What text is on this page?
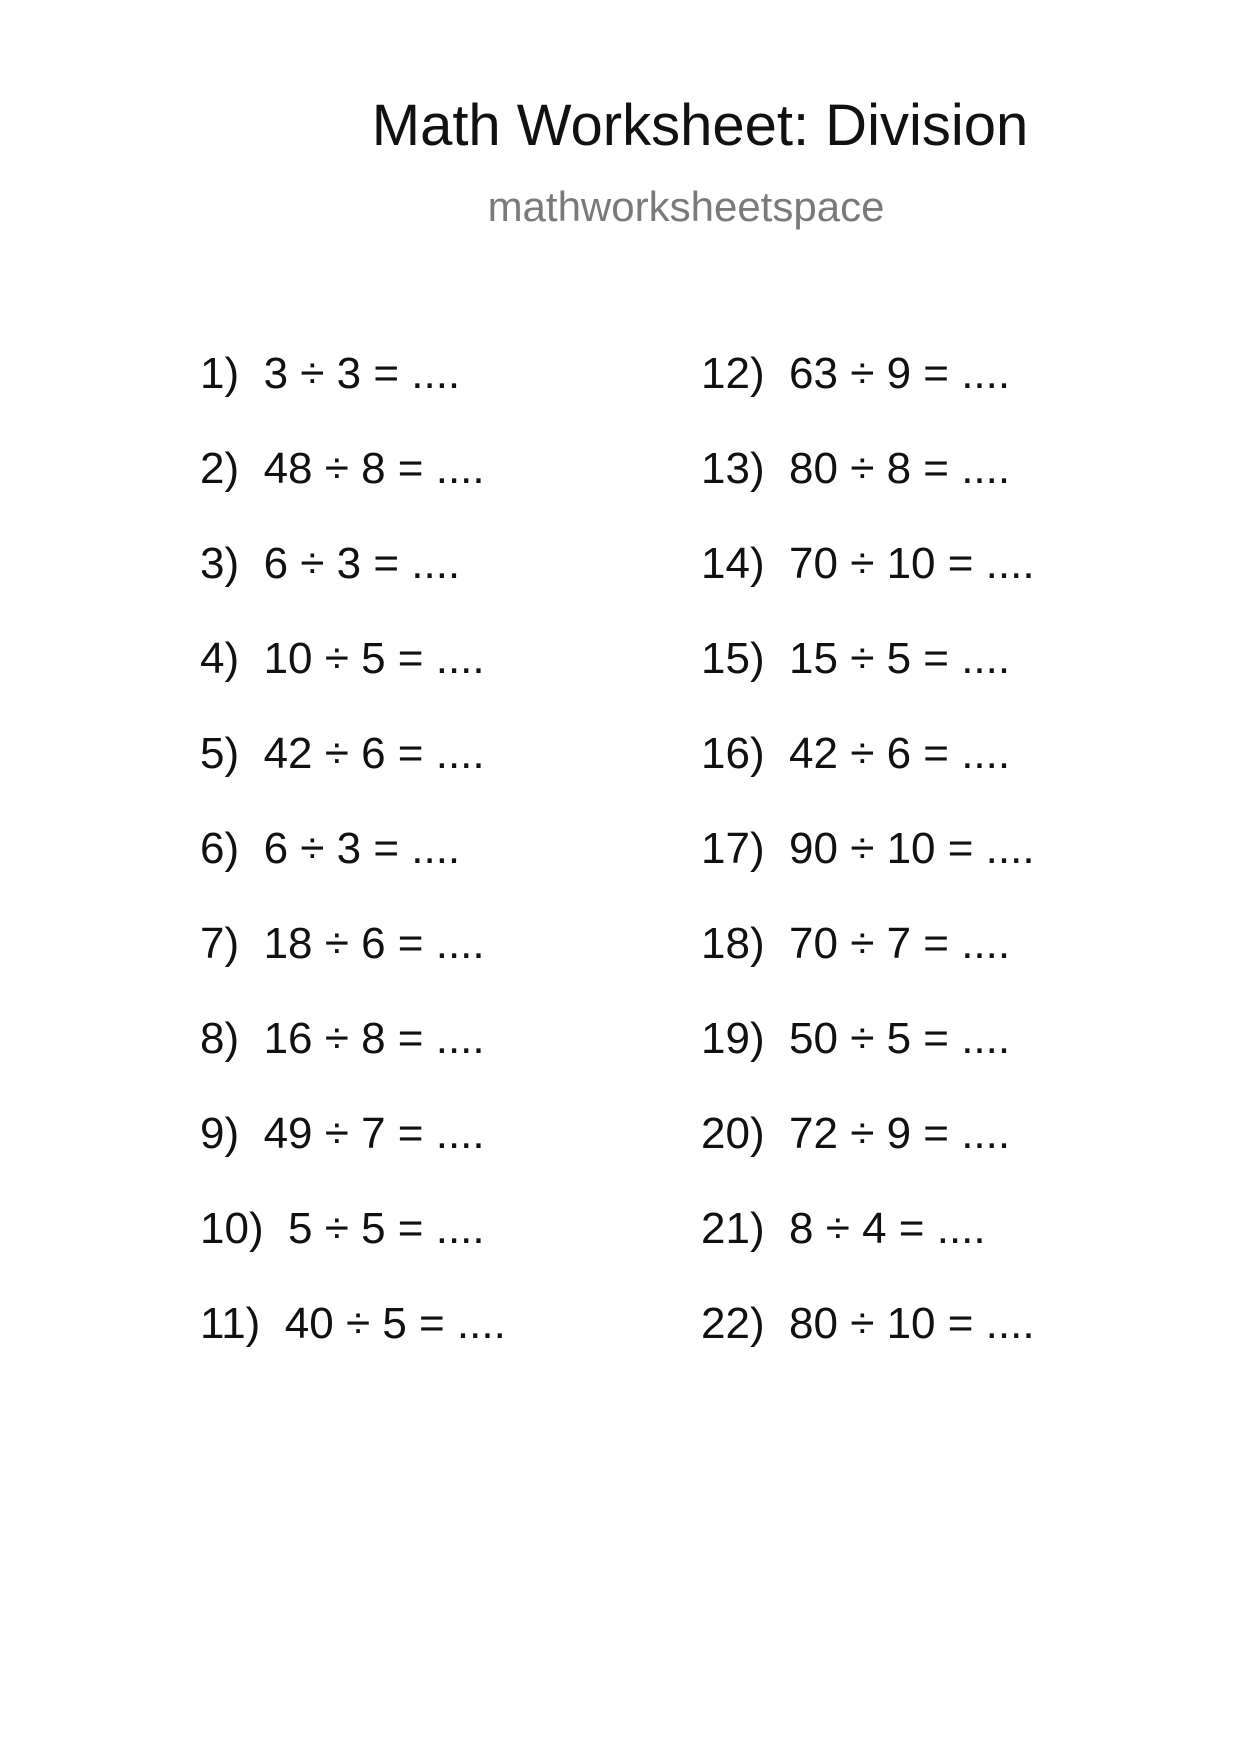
Math Worksheet: Division
mathworksheetspace
1)  3 ÷ 3 = ....
2)  48 ÷ 8 = ....
3)  6 ÷ 3 = ....
4)  10 ÷ 5 = ....
5)  42 ÷ 6 = ....
6)  6 ÷ 3 = ....
7)  18 ÷ 6 = ....
8)  16 ÷ 8 = ....
9)  49 ÷ 7 = ....
10)  5 ÷ 5 = ....
11)  40 ÷ 5 = ....
12)  63 ÷ 9 = ....
13)  80 ÷ 8 = ....
14)  70 ÷ 10 = ....
15)  15 ÷ 5 = ....
16)  42 ÷ 6 = ....
17)  90 ÷ 10 = ....
18)  70 ÷ 7 = ....
19)  50 ÷ 5 = ....
20)  72 ÷ 9 = ....
21)  8 ÷ 4 = ....
22)  80 ÷ 10 = ....
